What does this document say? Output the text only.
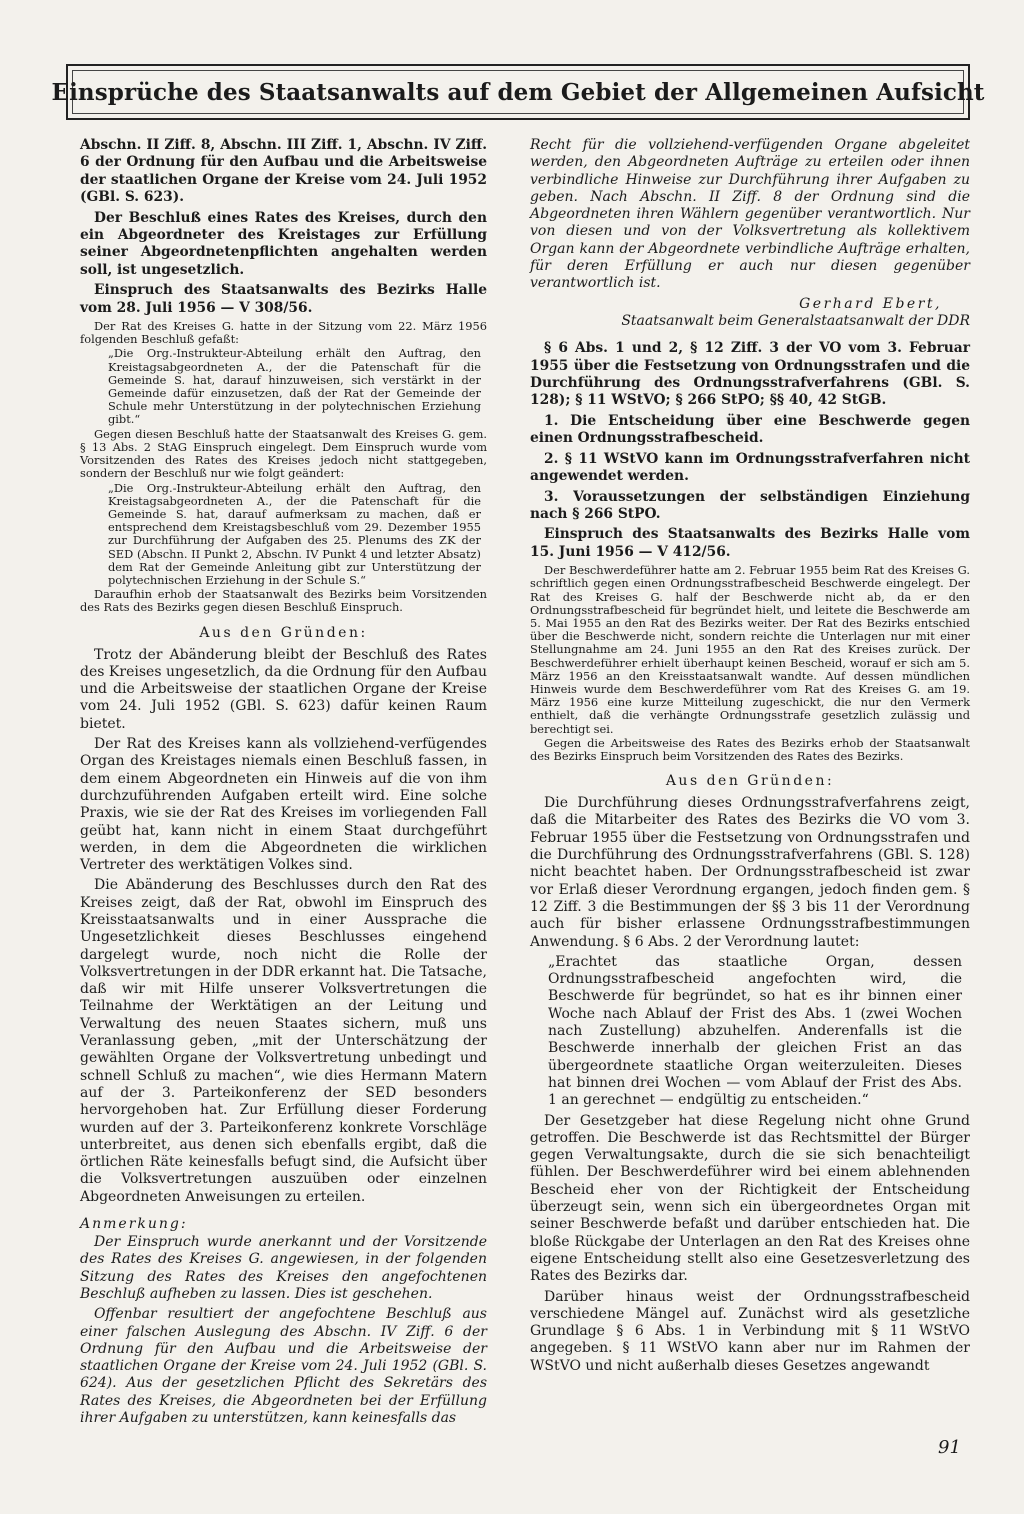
Einsprüche des Staatsanwalts auf dem Gebiet der Allgemeinen Aufsicht

Abschn. II Ziff. 8, Abschn. III Ziff. 1, Abschn. IV Ziff. 6 der Ordnung für den Aufbau und die Arbeitsweise der staatlichen Organe der Kreise vom 24. Juli 1952 (GBl. S. 623).

Der Beschluß eines Rates des Kreises, durch den ein Abgeordneter des Kreistages zur Erfüllung seiner Abgeordnetenpflichten angehalten werden soll, ist ungesetzlich.

Einspruch des Staatsanwalts des Bezirks Halle vom 28. Juli 1956 — V 308/56.

Der Rat des Kreises G. hatte in der Sitzung vom 22. März 1956 folgenden Beschluß gefaßt:

„Die Org.-Instrukteur-Abteilung erhält den Auftrag, den Kreistagsabgeordneten A., der die Patenschaft für die Gemeinde S. hat, darauf hinzuweisen, sich verstärkt in der Gemeinde dafür einzusetzen, daß der Rat der Gemeinde der Schule mehr Unterstützung in der polytechnischen Erziehung gibt.“

Gegen diesen Beschluß hatte der Staatsanwalt des Kreises G. gem. § 13 Abs. 2 StAG Einspruch eingelegt. Dem Einspruch wurde vom Vorsitzenden des Rates des Kreises jedoch nicht stattgegeben, sondern der Beschluß nur wie folgt geändert:

„Die Org.-Instrukteur-Abteilung erhält den Auftrag, den Kreistagsabgeordneten A., der die Patenschaft für die Gemeinde S. hat, darauf aufmerksam zu machen, daß er entsprechend dem Kreistagsbeschluß vom 29. Dezember 1955 zur Durchführung der Aufgaben des 25. Plenums des ZK der SED (Abschn. II Punkt 2, Abschn. IV Punkt 4 und letzter Absatz) dem Rat der Gemeinde Anleitung gibt zur Unterstützung der polytechnischen Erziehung in der Schule S.“

Daraufhin erhob der Staatsanwalt des Bezirks beim Vorsitzenden des Rats des Bezirks gegen diesen Beschluß Einspruch.

Aus den Gründen:

Trotz der Abänderung bleibt der Beschluß des Rates des Kreises ungesetzlich, da die Ordnung für den Aufbau und die Arbeitsweise der staatlichen Organe der Kreise vom 24. Juli 1952 (GBl. S. 623) dafür keinen Raum bietet.

Der Rat des Kreises kann als vollziehend-verfügendes Organ des Kreistages niemals einen Beschluß fassen, in dem einem Abgeordneten ein Hinweis auf die von ihm durchzuführenden Aufgaben erteilt wird. Eine solche Praxis, wie sie der Rat des Kreises im vorliegenden Fall geübt hat, kann nicht in einem Staat durchgeführt werden, in dem die Abgeordneten die wirklichen Vertreter des werktätigen Volkes sind.

Die Abänderung des Beschlusses durch den Rat des Kreises zeigt, daß der Rat, obwohl im Einspruch des Kreisstaatsanwalts und in einer Aussprache die Ungesetzlichkeit dieses Beschlusses eingehend dargelegt wurde, noch nicht die Rolle der Volksvertretungen in der DDR erkannt hat. Die Tatsache, daß wir mit Hilfe unserer Volksvertretungen die Teilnahme der Werktätigen an der Leitung und Verwaltung des neuen Staates sichern, muß uns Veranlassung geben, „mit der Unterschätzung der gewählten Organe der Volksvertretung unbedingt und schnell Schluß zu machen“, wie dies Hermann Matern auf der 3. Parteikonferenz der SED besonders hervorgehoben hat. Zur Erfüllung dieser Forderung wurden auf der 3. Parteikonferenz konkrete Vorschläge unterbreitet, aus denen sich ebenfalls ergibt, daß die örtlichen Räte keinesfalls befugt sind, die Aufsicht über die Volksvertretungen auszuüben oder einzelnen Abgeordneten Anweisungen zu erteilen.

Anmerkung:

Der Einspruch wurde anerkannt und der Vorsitzende des Rates des Kreises G. angewiesen, in der folgenden Sitzung des Rates des Kreises den angefochtenen Beschluß aufheben zu lassen. Dies ist geschehen.

Offenbar resultiert der angefochtene Beschluß aus einer falschen Auslegung des Abschn. IV Ziff. 6 der Ordnung für den Aufbau und die Arbeitsweise der staatlichen Organe der Kreise vom 24. Juli 1952 (GBl. S. 624). Aus der gesetzlichen Pflicht des Sekretärs des Rates des Kreises, die Abgeordneten bei der Erfüllung ihrer Aufgaben zu unterstützen, kann keinesfalls das

Recht für die vollziehend-verfügenden Organe abgeleitet werden, den Abgeordneten Aufträge zu erteilen oder ihnen verbindliche Hinweise zur Durchführung ihrer Aufgaben zu geben. Nach Abschn. II Ziff. 8 der Ordnung sind die Abgeordneten ihren Wählern gegenüber verantwortlich. Nur von diesen und von der Volksvertretung als kollektivem Organ kann der Abgeordnete verbindliche Aufträge erhalten, für deren Erfüllung er auch nur diesen gegenüber verantwortlich ist.

Gerhard Ebert,

Staatsanwalt beim Generalstaatsanwalt der DDR

§ 6 Abs. 1 und 2, § 12 Ziff. 3 der VO vom 3. Februar 1955 über die Festsetzung von Ordnungsstrafen und die Durchführung des Ordnungsstrafverfahrens (GBl. S. 128); § 11 WStVO; § 266 StPO; §§ 40, 42 StGB.

1. Die Entscheidung über eine Beschwerde gegen einen Ordnungsstrafbescheid.

2. § 11 WStVO kann im Ordnungsstrafverfahren nicht angewendet werden.

3. Voraussetzungen der selbständigen Einziehung nach § 266 StPO.

Einspruch des Staatsanwalts des Bezirks Halle vom 15. Juni 1956 — V 412/56.

Der Beschwerdeführer hatte am 2. Februar 1955 beim Rat des Kreises G. schriftlich gegen einen Ordnungsstrafbescheid Beschwerde eingelegt. Der Rat des Kreises G. half der Beschwerde nicht ab, da er den Ordnungsstrafbescheid für begründet hielt, und leitete die Beschwerde am 5. Mai 1955 an den Rat des Bezirks weiter. Der Rat des Bezirks entschied über die Beschwerde nicht, sondern reichte die Unterlagen nur mit einer Stellungnahme am 24. Juni 1955 an den Rat des Kreises zurück. Der Beschwerdeführer erhielt überhaupt keinen Bescheid, worauf er sich am 5. März 1956 an den Kreisstaatsanwalt wandte. Auf dessen mündlichen Hinweis wurde dem Beschwerdeführer vom Rat des Kreises G. am 19. März 1956 eine kurze Mitteilung zugeschickt, die nur den Vermerk enthielt, daß die verhängte Ordnungsstrafe gesetzlich zulässig und berechtigt sei.

Gegen die Arbeitsweise des Rates des Bezirks erhob der Staatsanwalt des Bezirks Einspruch beim Vorsitzenden des Rates des Bezirks.

Aus den Gründen:

Die Durchführung dieses Ordnungsstrafverfahrens zeigt, daß die Mitarbeiter des Rates des Bezirks die VO vom 3. Februar 1955 über die Festsetzung von Ordnungsstrafen und die Durchführung des Ordnungsstrafverfahrens (GBl. S. 128) nicht beachtet haben. Der Ordnungsstrafbescheid ist zwar vor Erlaß dieser Verordnung ergangen, jedoch finden gem. § 12 Ziff. 3 die Bestimmungen der §§ 3 bis 11 der Verordnung auch für bisher erlassene Ordnungsstrafbestimmungen Anwendung. § 6 Abs. 2 der Verordnung lautet:

„Erachtet das staatliche Organ, dessen Ordnungsstrafbescheid angefochten wird, die Beschwerde für begründet, so hat es ihr binnen einer Woche nach Ablauf der Frist des Abs. 1 (zwei Wochen nach Zustellung) abzuhelfen. Anderenfalls ist die Beschwerde innerhalb der gleichen Frist an das übergeordnete staatliche Organ weiterzuleiten. Dieses hat binnen drei Wochen — vom Ablauf der Frist des Abs. 1 an gerechnet — endgültig zu entscheiden.“

Der Gesetzgeber hat diese Regelung nicht ohne Grund getroffen. Die Beschwerde ist das Rechtsmittel der Bürger gegen Verwaltungsakte, durch die sie sich benachteiligt fühlen. Der Beschwerdeführer wird bei einem ablehnenden Bescheid eher von der Richtigkeit der Entscheidung überzeugt sein, wenn sich ein übergeordnetes Organ mit seiner Beschwerde befaßt und darüber entschieden hat. Die bloße Rückgabe der Unterlagen an den Rat des Kreises ohne eigene Entscheidung stellt also eine Gesetzesverletzung des Rates des Bezirks dar.

Darüber hinaus weist der Ordnungsstrafbescheid verschiedene Mängel auf. Zunächst wird als gesetzliche Grundlage § 6 Abs. 1 in Verbindung mit § 11 WStVO angegeben. § 11 WStVO kann aber nur im Rahmen der WStVO und nicht außerhalb dieses Gesetzes angewandt

91
